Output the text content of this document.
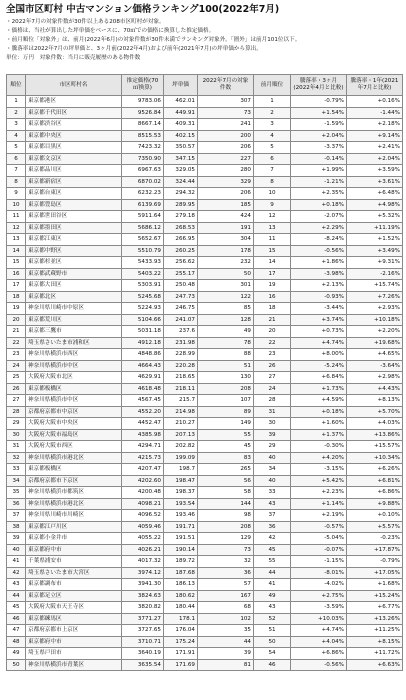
全国市区町村 中古マンション価格ランキング100(2022年7月)
・2022年7月の対象件数が30件以上ある208市区町村が対象。
・価格は、当社が算出した坪単価をベースに、70㎡での価格に換算した推定価格。
・前月順位「対象外」は、前月(2022年6月)の対象件数が30件未満でランキング対象外。「圏外」は前月101位以下。
・騰落率は2022年7月の坪単価と、3ヶ月前(2022年4月)および前年(2021年7月)の坪単価から算出。
単位：万円　対象件数：当月に販売履歴のある物件数
順位	市区町村名	推定価格(70㎡換算)	坪単価	2022年7月の対象件数	前月順位	騰落率・3ヶ月(2022年4月と比較)	騰落率・1年(2021年7月と比較)
1	東京都港区	9783.06	462.01	307	1	-0.79%	+0.16%
2	東京都千代田区	9526.84	449.91	73	2	+1.54%	-1.44%
3	東京都渋谷区	8667.14	409.31	241	3	-1.59%	+2.18%
4	東京都中央区	8515.53	402.15	200	4	+2.04%	+9.14%
5	東京都目黒区	7423.32	350.57	206	5	-3.37%	+2.41%
6	東京都文京区	7350.90	347.15	227	6	-0.14%	+2.04%
7	東京都品川区	6967.63	329.05	280	7	+1.99%	+3.59%
8	東京都新宿区	6870.02	324.44	329	8	-1.21%	+3.61%
9	東京都台東区	6232.23	294.32	206	10	+2.35%	+6.48%
10	東京都豊島区	6139.69	289.95	185	9	+0.18%	+4.98%
11	東京都世田谷区	5911.64	279.18	424	12	-2.07%	+5.32%
12	東京都墨田区	5686.12	268.53	191	13	+2.29%	+11.19%
13	東京都江東区	5652.67	266.95	304	11	-8.24%	+1.52%
14	東京都中野区	5510.79	260.25	178	15	-0.56%	+3.49%
15	東京都杉並区	5433.93	256.62	232	14	+1.86%	+9.31%
16	東京都武蔵野市	5403.22	255.17	50	17	-3.98%	-2.16%
17	東京都大田区	5303.91	250.48	301	19	+2.13%	+15.74%
18	東京都北区	5245.68	247.73	122	16	-0.93%	+7.26%
19	神奈川県川崎市中原区	5224.93	246.75	85	18	-3.44%	+2.93%
20	東京都荒川区	5104.66	241.07	128	21	+3.74%	+10.18%
21	東京都三鷹市	5031.18	237.6	49	20	+0.73%	+2.20%
22	埼玉県さいたま市浦和区	4912.18	231.98	78	22	+4.74%	+19.68%
23	神奈川県横浜市西区	4848.86	228.99	88	23	+8.00%	+4.65%
24	神奈川県横浜市中区	4664.43	220.28	51	26	-5.24%	-3.64%
25	大阪府大阪市北区	4629.91	218.65	130	27	+6.84%	+2.98%
26	東京都板橋区	4618.48	218.11	208	24	+1.73%	+4.43%
27	神奈川県横浜市中区	4567.45	215.7	107	28	+4.59%	+8.13%
28	京都府京都市中京区	4552.20	214.98	89	31	+0.18%	+5.70%
29	大阪府大阪市中央区	4452.47	210.27	149	30	+1.60%	+4.03%
30	大阪府大阪市福島区	4385.98	207.13	55	39	+1.37%	+13.86%
31	大阪府大阪市西区	4294.71	202.82	45	29	-0.30%	+15.57%
32	神奈川県横浜市港北区	4215.73	199.09	83	40	+4.20%	+10.34%
33	東京都板橋区	4207.47	198.7	265	34	-3.15%	+6.26%
34	京都府京都市下京区	4202.60	198.47	56	40	+5.42%	+6.81%
35	神奈川県横浜市都筑区	4200.48	198.37	58	33	+2.23%	+6.86%
36	神奈川県横浜市港北区	4098.21	193.54	144	43	+1.14%	+9.88%
37	神奈川県川崎市川崎区	4096.52	193.46	98	37	+2.19%	+0.10%
38	東京都江戸川区	4059.46	191.71	208	36	-0.57%	+5.57%
39	東京都小金井市	4055.22	191.51	129	42	-5.04%	-0.23%
40	東京都府中市	4026.21	190.14	73	45	-0.07%	+17.87%
41	千葉県浦安市	4017.32	189.72	32	55	-1.15%	-0.79%
42	埼玉県さいたま市大宮区	3974.12	187.68	36	44	-8.01%	+17.05%
43	東京都調布市	3941.30	186.13	57	41	-4.02%	+1.68%
44	東京都足立区	3824.63	180.62	167	49	+2.75%	+15.24%
45	大阪府大阪市天王寺区	3820.82	180.44	68	43	-3.59%	+6.77%
46	東京都練馬区	3771.27	178.1	102	52	+10.03%	+13.26%
47	京都府京都市上京区	3727.65	176.04	35	51	+4.74%	+11.25%
48	東京都府中市	3710.71	175.24	44	50	+4.04%	+8.15%
49	埼玉県戸田市	3640.19	171.91	39	54	+6.86%	+11.72%
50	神奈川県横浜市青葉区	3635.54	171.69	81	46	-0.56%	+6.63%
